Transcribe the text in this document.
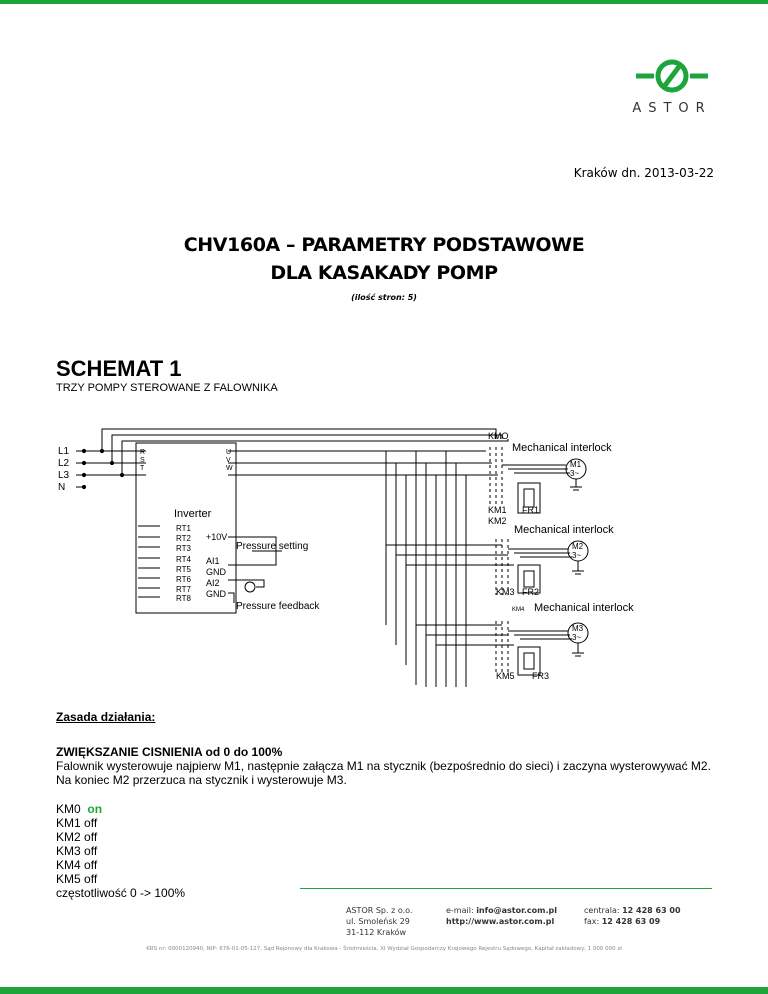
ASTOR
Kraków dn. 2013-03-22
CHV160A – PARAMETRY PODSTAWOWE
DLA KASAKADY POMP
(ilość stron: 5)
SCHEMAT 1
TRZY POMPY STEROWANE Z FALOWNIKA
L1
L2
L3
N
R
S
T
U
V
W
Inverter
RT1
RT2
RT3
RT4
RT5
RT6
RT7
RT8
+10V
AI1
GND
AI2
GND
Pressure setting
Pressure feedback
KMO
Mechanical interlock
KM1
KM2
FR1
Mechanical interlock
KM3 FR2
KM4 Mechanical interlock
KM5 FR3
M1
3~
M2
3~
M3
3~
Zasada działania:
ZWIĘKSZANIE CISNIENIA od 0 do 100%
Falownik wysterowuje najpierw M1, następnie załącza M1 na stycznik (bezpośrednio do sieci) i zaczyna wysterowywać M2. Na koniec M2 przerzuca na stycznik i wysterowuje M3.
KM0 on
KM1 off
KM2 off
KM3 off
KM4 off
KM5 off
częstotliwość 0 -> 100%
ASTOR Sp. z o.o.
ul. Smoleńsk 29
31-112 Kraków
e-mail: info@astor.com.pl
http://www.astor.com.pl
centrala: 12 428 63 00
fax: 12 428 63 09
KRS nr: 0000120940, NIP: 676-01-05-127, Sąd Rejonowy dla Krakowa - Śródmieścia, XI Wydział Gospodarczy Krajowego Rejestru Sądowego, Kapitał zakładowy: 1 000 000 zł
